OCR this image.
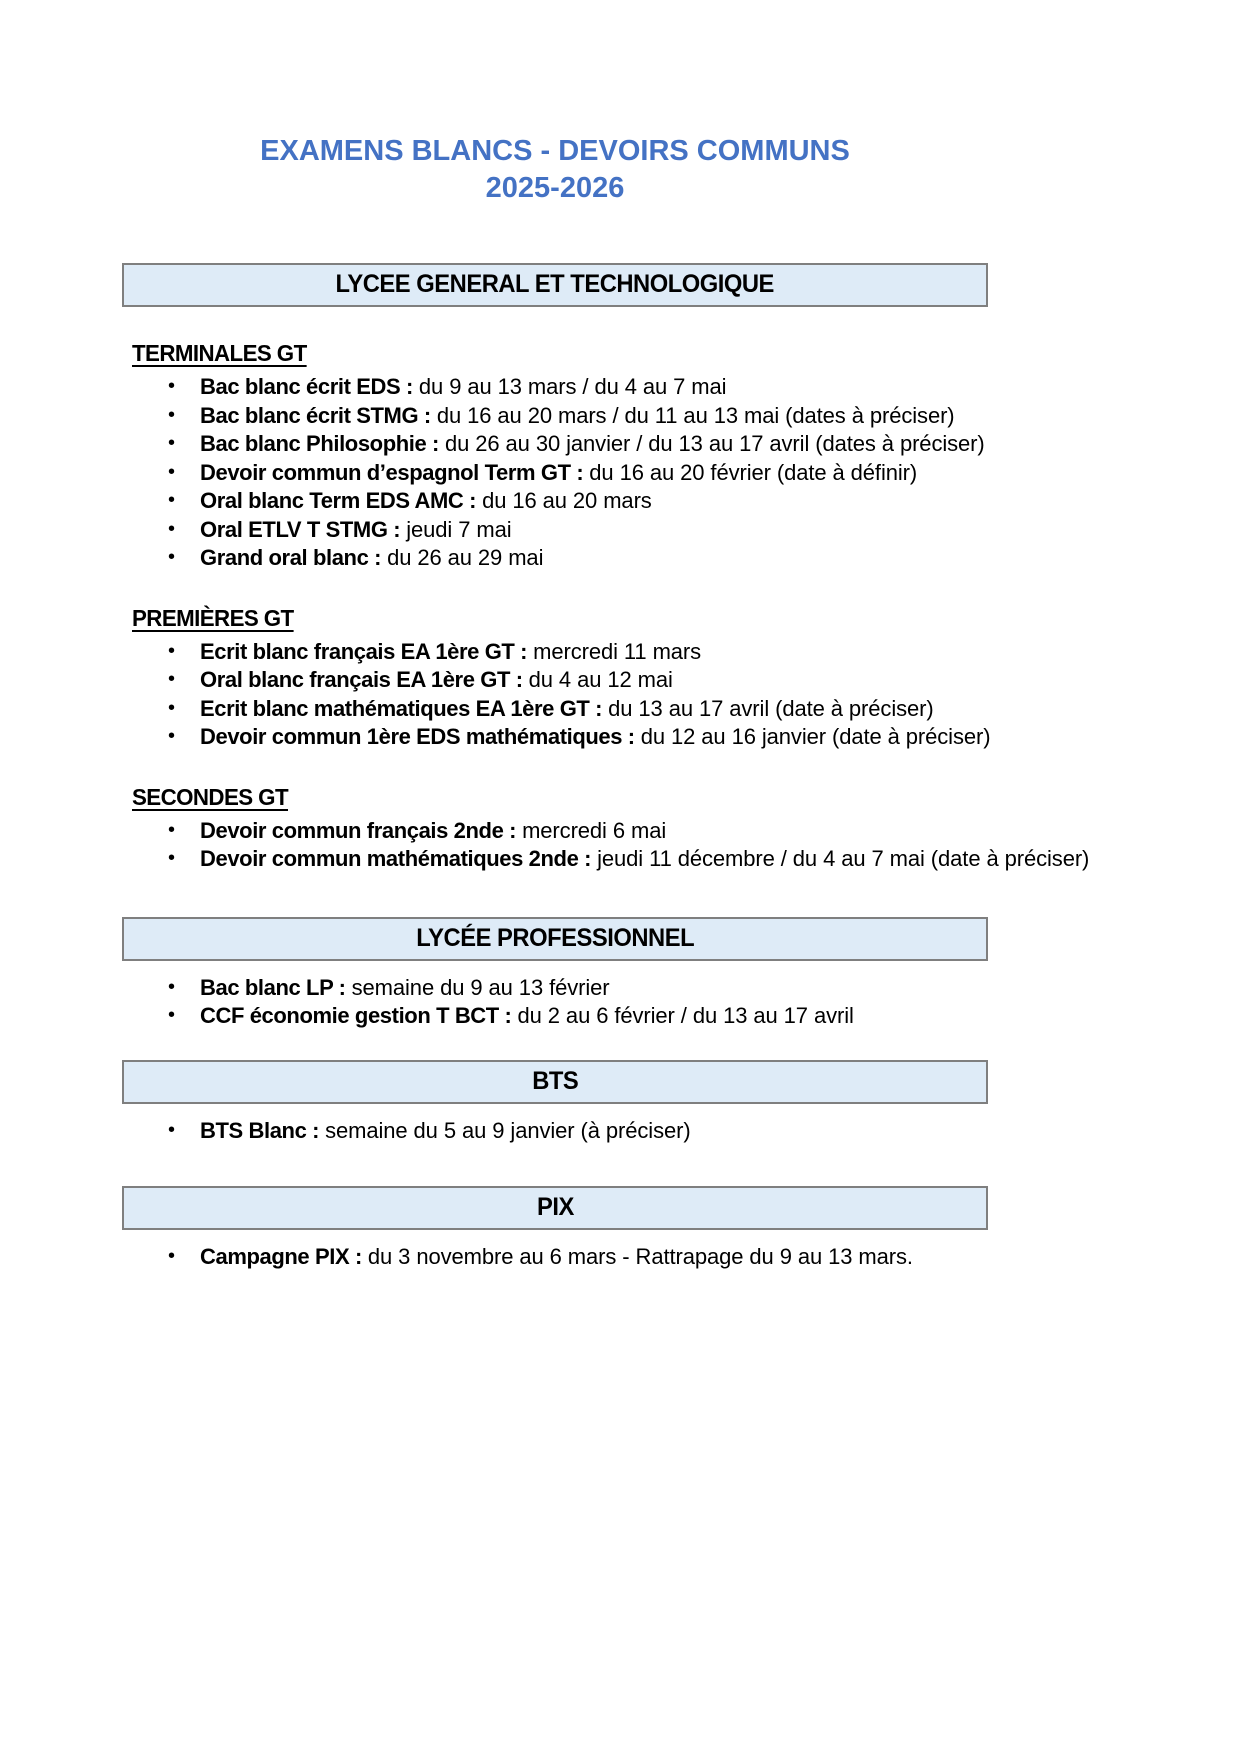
EXAMENS BLANCS - DEVOIRS COMMUNS
2025-2026
LYCEE GENERAL ET TECHNOLOGIQUE
TERMINALES GT
• Bac blanc écrit EDS : du 9 au 13 mars / du 4 au 7 mai
• Bac blanc écrit STMG : du 16 au 20 mars / du 11 au 13 mai (dates à préciser)
• Bac blanc Philosophie : du 26 au 30 janvier / du 13 au 17 avril (dates à préciser)
• Devoir commun d’espagnol Term GT : du 16 au 20 février (date à définir)
• Oral blanc Term EDS AMC : du 16 au 20 mars
• Oral ETLV T STMG : jeudi 7 mai
• Grand oral blanc : du 26 au 29 mai
PREMIÈRES GT
• Ecrit blanc français EA 1ère GT : mercredi 11 mars
• Oral blanc français EA 1ère GT : du 4 au 12 mai
• Ecrit blanc mathématiques EA 1ère GT : du 13 au 17 avril (date à préciser)
• Devoir commun 1ère EDS mathématiques : du 12 au 16 janvier (date à préciser)
SECONDES GT
• Devoir commun français 2nde : mercredi 6 mai
• Devoir commun mathématiques 2nde : jeudi 11 décembre / du 4 au 7 mai (date à préciser)
LYCÉE PROFESSIONNEL
• Bac blanc LP : semaine du 9 au 13 février
• CCF économie gestion T BCT : du 2 au 6 février / du 13 au 17 avril
BTS
• BTS Blanc : semaine du 5 au 9 janvier (à préciser)
PIX
• Campagne PIX : du 3 novembre au 6 mars - Rattrapage du 9 au 13 mars.
